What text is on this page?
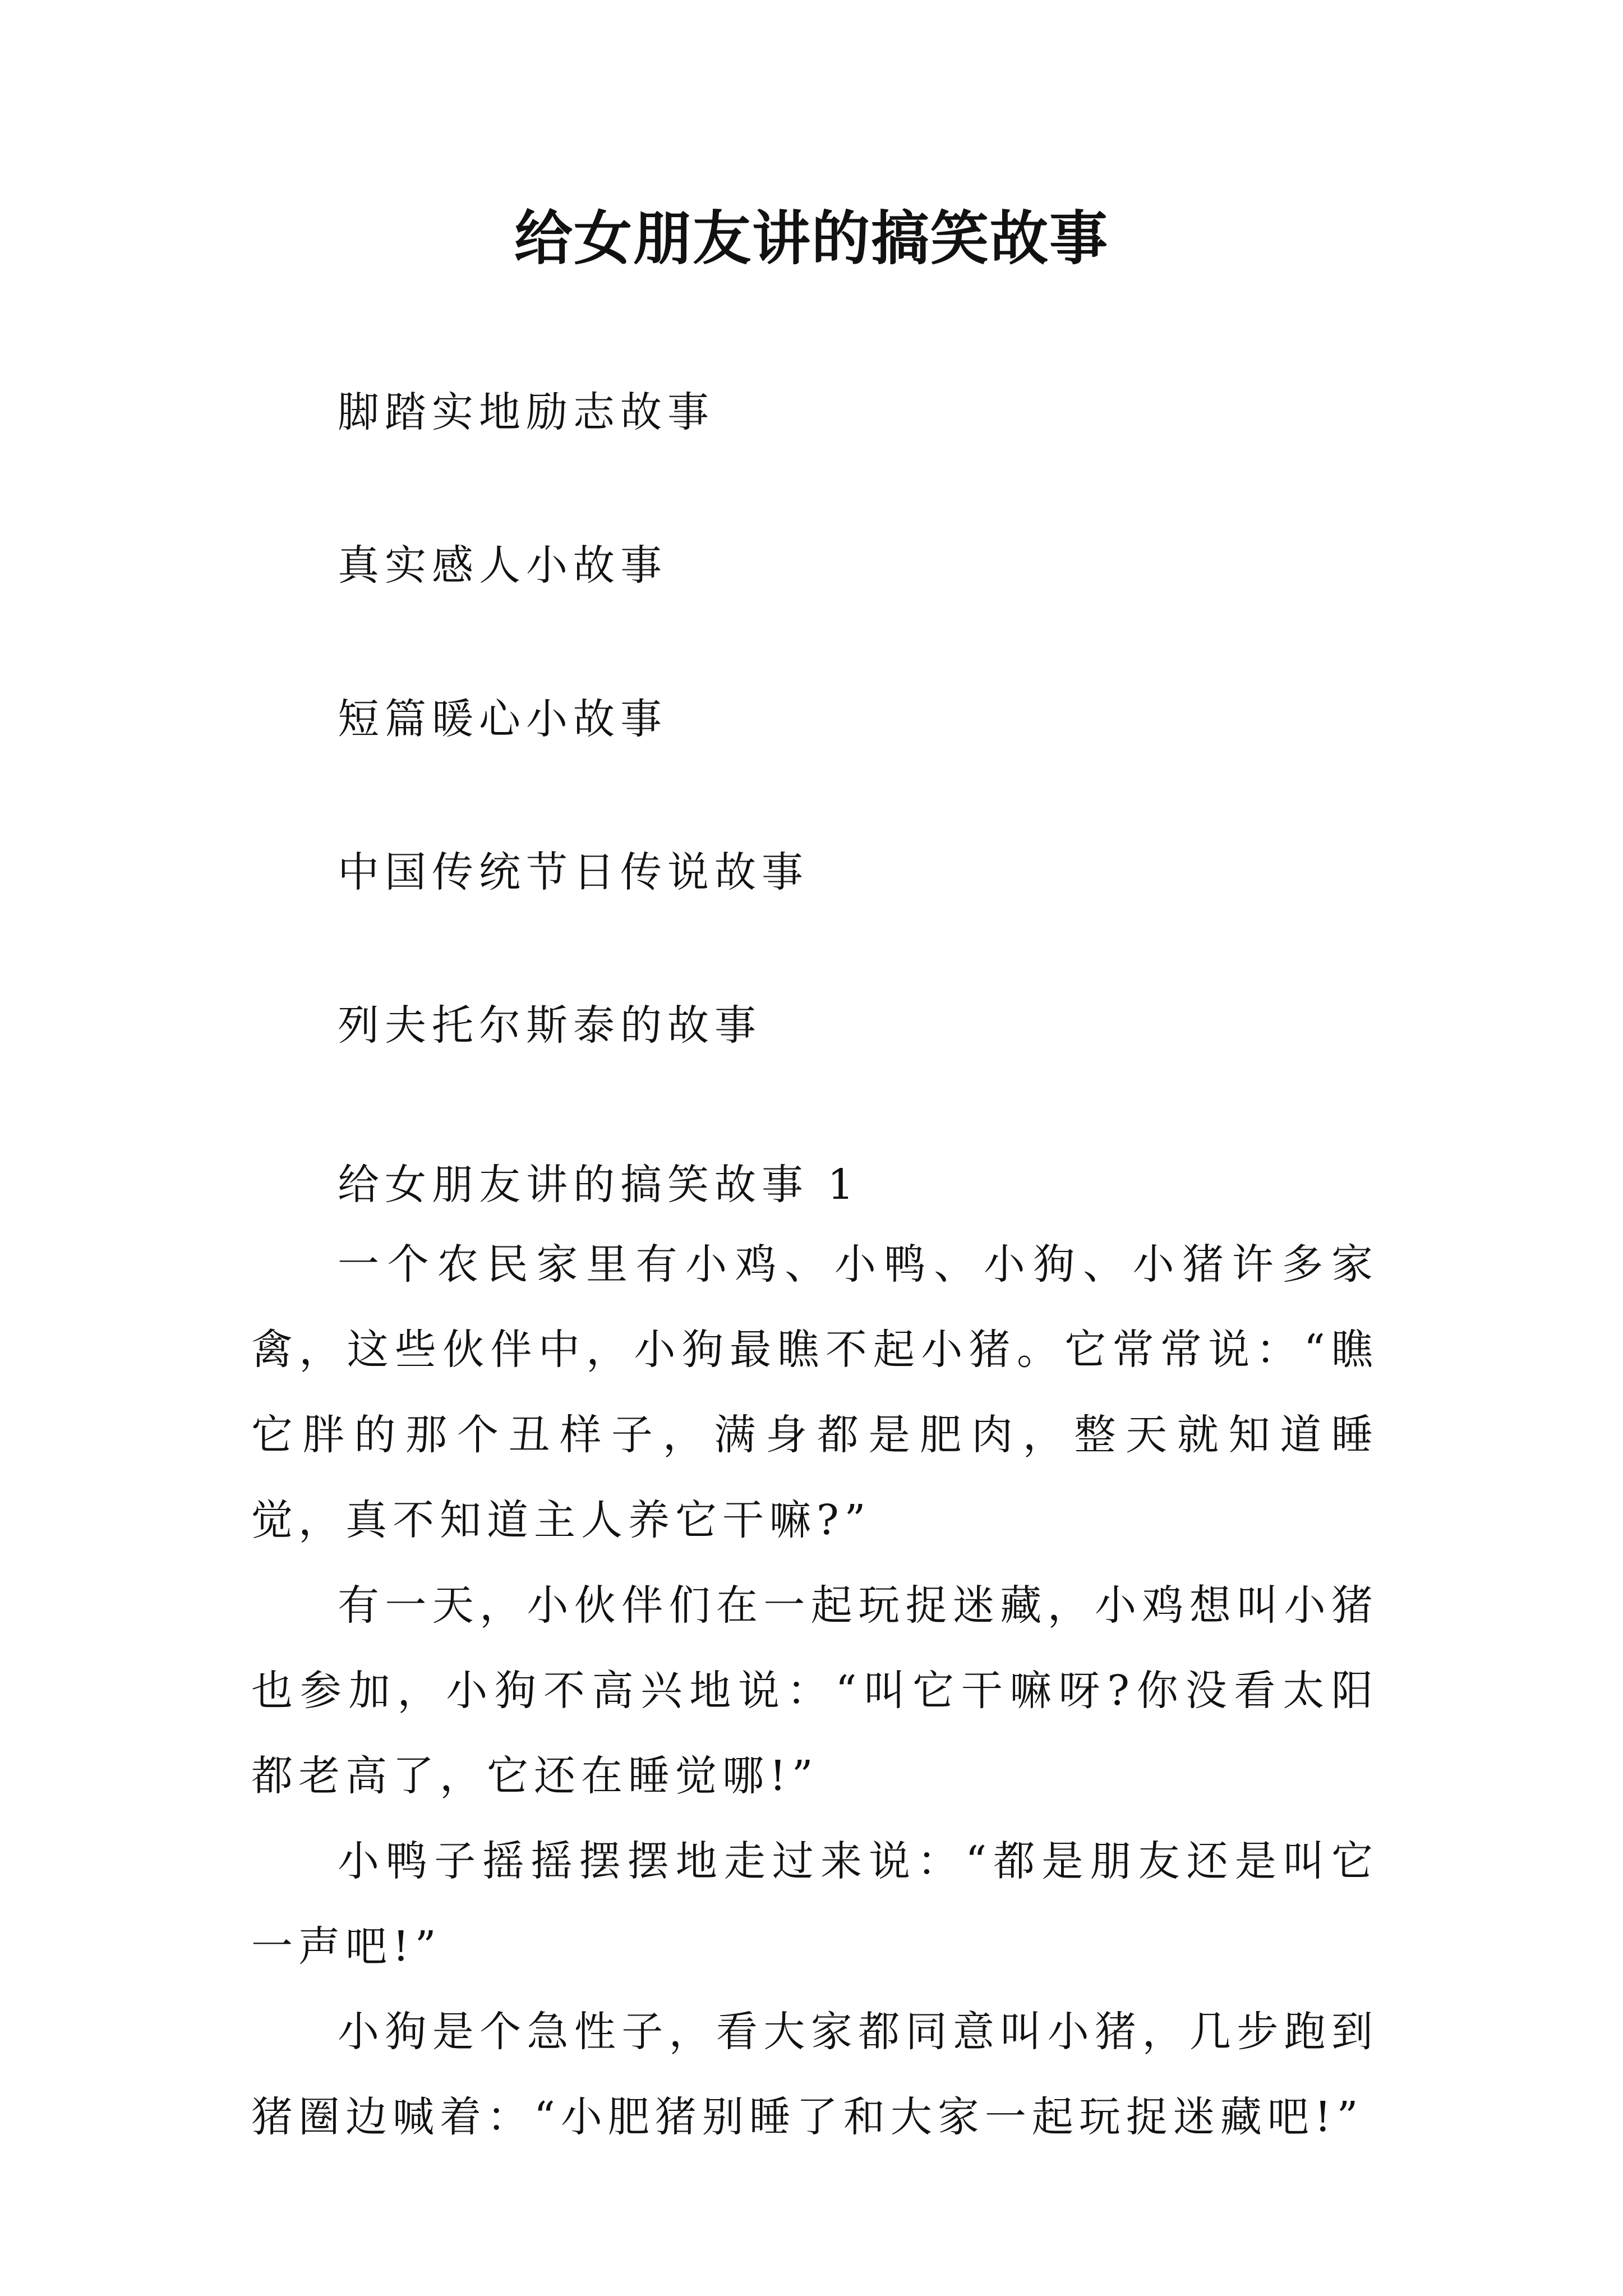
给女朋友讲的搞笑故事
脚踏实地励志故事
真实感人小故事
短篇暖心小故事
中国传统节日传说故事
列夫托尔斯泰的故事
给女朋友讲的搞笑故事 1

一个农民家里有小鸡、小鸭、小狗、小猪许多家禽，这些伙伴中，小狗最瞧不起小猪。它常常说：“瞧它胖的那个丑样子，满身都是肥肉，整天就知道睡觉，真不知道主人养它干嘛?”

有一天，小伙伴们在一起玩捉迷藏，小鸡想叫小猪也参加，小狗不高兴地说：“叫它干嘛呀?你没看太阳都老高了，它还在睡觉哪!”

小鸭子摇摇摆摆地走过来说：“都是朋友还是叫它一声吧!”

小狗是个急性子，看大家都同意叫小猪，几步跑到猪圈边喊着：“小肥猪别睡了和大家一起玩捉迷藏吧!”
